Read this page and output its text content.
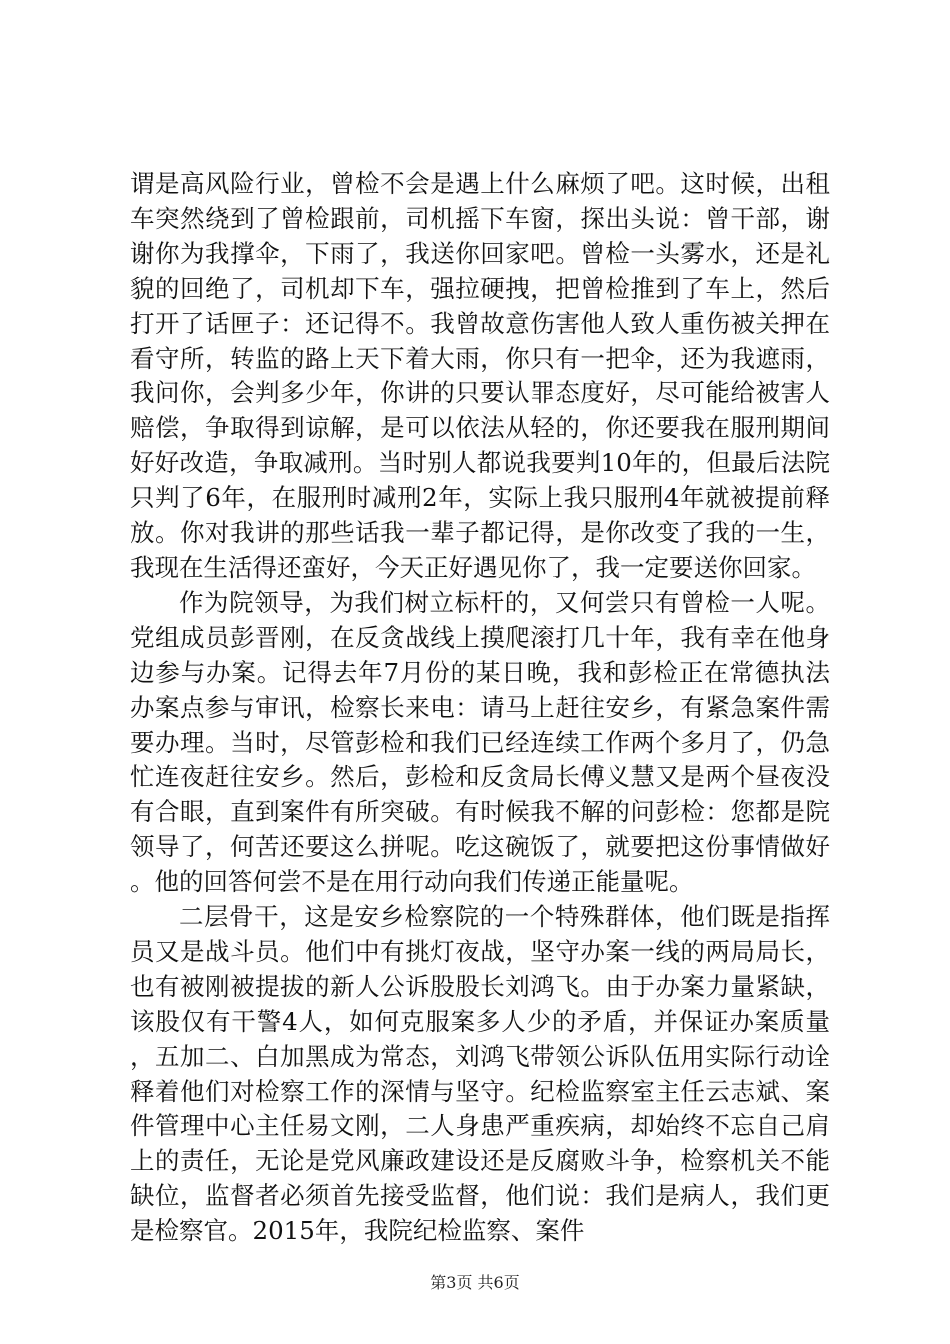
谓是高风险行业，曾检不会是遇上什么麻烦了吧。这时候，出租车突然绕到了曾检跟前，司机摇下车窗，探出头说：曾干部，谢谢你为我撑伞，下雨了，我送你回家吧。曾检一头雾水，还是礼貌的回绝了，司机却下车，强拉硬拽，把曾检推到了车上，然后打开了话匣子：还记得不。我曾故意伤害他人致人重伤被关押在看守所，转监的路上天下着大雨，你只有一把伞，还为我遮雨，我问你，会判多少年，你讲的只要认罪态度好，尽可能给被害人赔偿，争取得到谅解，是可以依法从轻的，你还要我在服刑期间好好改造，争取减刑。当时别人都说我要判10年的，但最后法院只判了6年，在服刑时减刑2年，实际上我只服刑4年就被提前释放。你对我讲的那些话我一辈子都记得，是你改变了我的一生，我现在生活得还蛮好，今天正好遇见你了，我一定要送你回家。

作为院领导，为我们树立标杆的，又何尝只有曾检一人呢。党组成员彭晋刚，在反贪战线上摸爬滚打几十年，我有幸在他身边参与办案。记得去年7月份的某日晚，我和彭检正在常德执法办案点参与审讯，检察长来电：请马上赶往安乡，有紧急案件需要办理。当时，尽管彭检和我们已经连续工作两个多月了，仍急忙连夜赶往安乡。然后，彭检和反贪局长傅义慧又是两个昼夜没有合眼，直到案件有所突破。有时候我不解的问彭检：您都是院领导了，何苦还要这么拼呢。吃这碗饭了，就要把这份事情做好。他的回答何尝不是在用行动向我们传递正能量呢。

二层骨干，这是安乡检察院的一个特殊群体，他们既是指挥员又是战斗员。他们中有挑灯夜战，坚守办案一线的两局局长，也有被刚被提拔的新人公诉股股长刘鸿飞。由于办案力量紧缺，该股仅有干警4人，如何克服案多人少的矛盾，并保证办案质量，五加二、白加黑成为常态，刘鸿飞带领公诉队伍用实际行动诠释着他们对检察工作的深情与坚守。纪检监察室主任云志斌、案件管理中心主任易文刚，二人身患严重疾病，却始终不忘自己肩上的责任，无论是党风廉政建设还是反腐败斗争，检察机关不能缺位，监督者必须首先接受监督，他们说：我们是病人，我们更是检察官。2015年，我院纪检监察、案件

第3页 共6页
